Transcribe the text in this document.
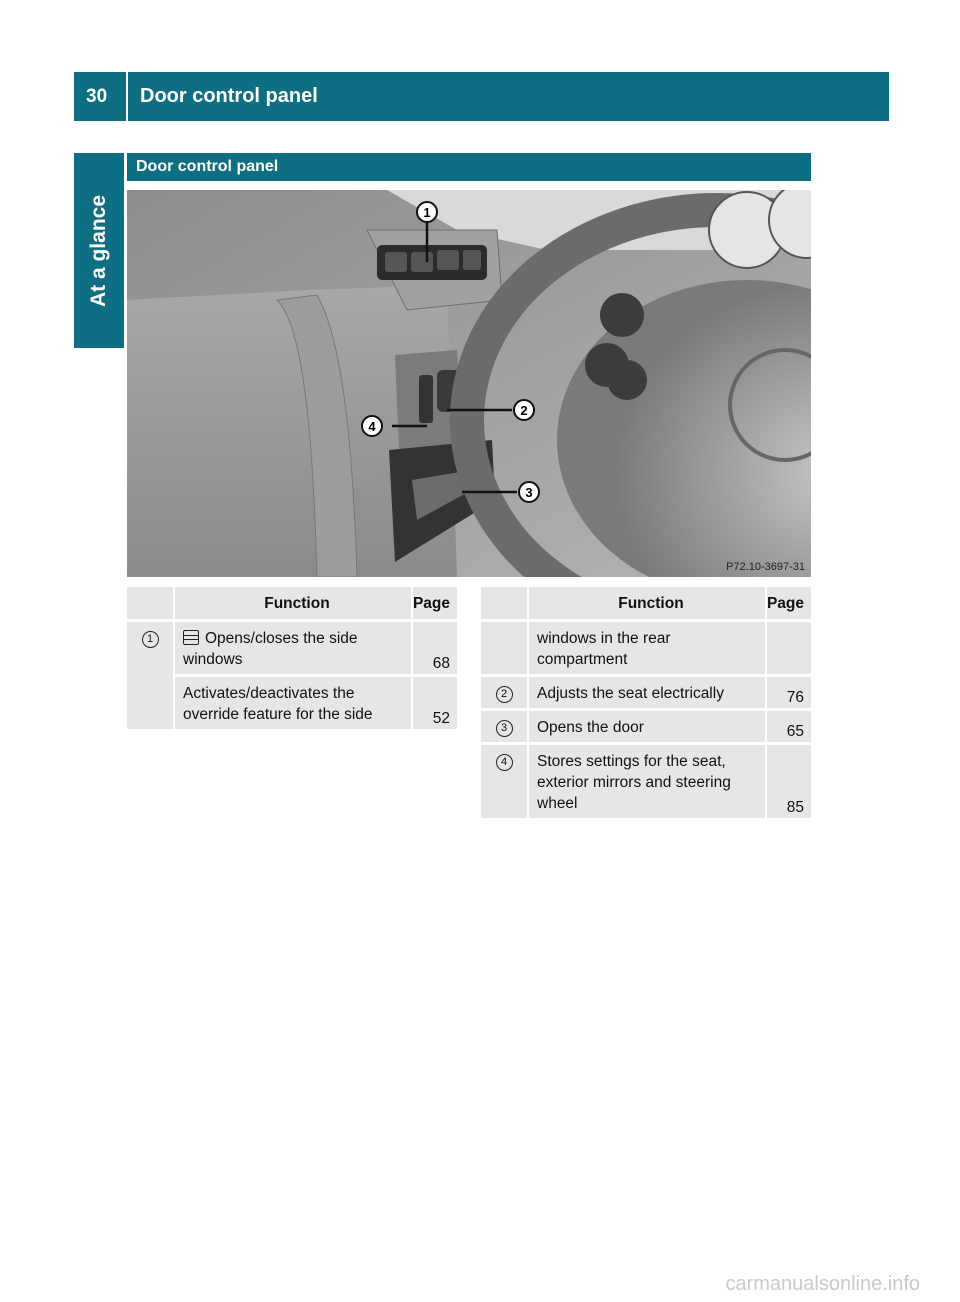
30	Door control panel
At a glance
Door control panel
1
2
3
4
P72.10-3697-31
	Function	Page
1	Opens/closes the side windows	68

	Activates/deactivates the override feature for the side	52
	Function	Page

	windows in the rear compartment	

2	Adjusts the seat electrically	76
3	Opens the door	65
4	Stores settings for the seat, exterior mirrors and steering wheel	85
carmanualsonline.info
